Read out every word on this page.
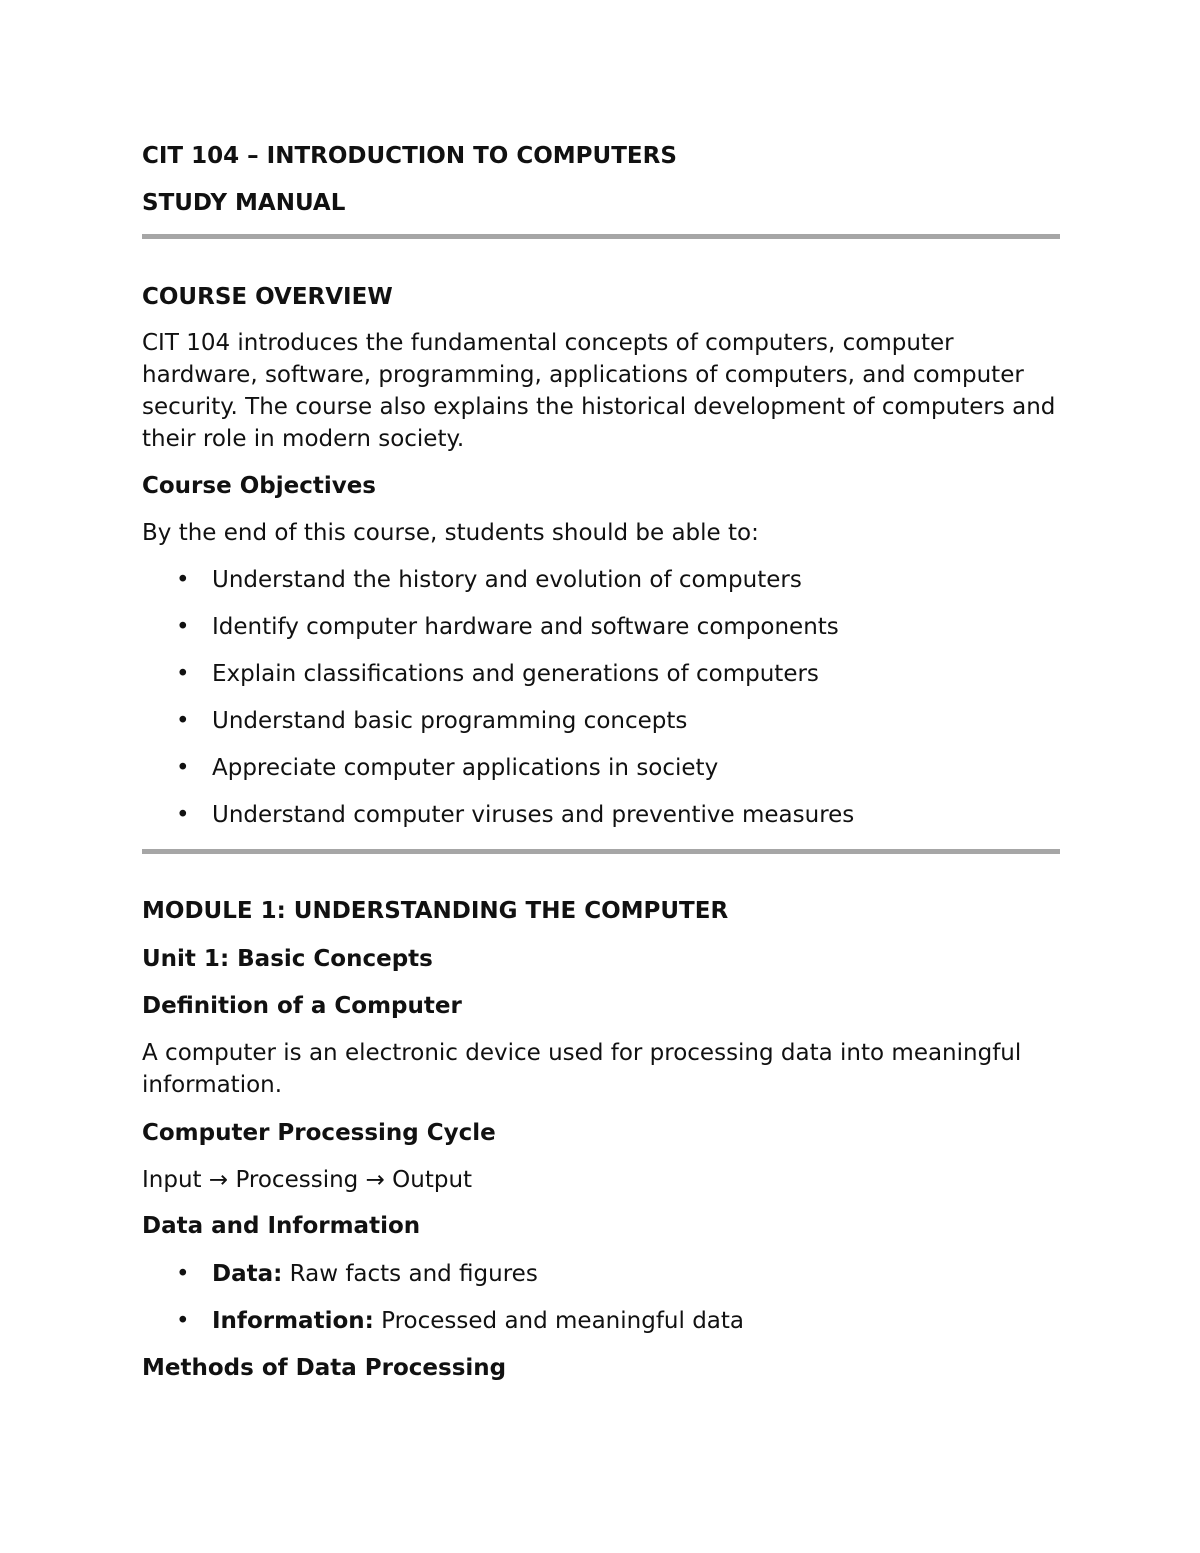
CIT 104 – INTRODUCTION TO COMPUTERS

STUDY MANUAL

COURSE OVERVIEW

CIT 104 introduces the fundamental concepts of computers, computer hardware, software, programming, applications of computers, and computer security. The course also explains the historical development of computers and their role in modern society.

Course Objectives

By the end of this course, students should be able to:

• Understand the history and evolution of computers
• Identify computer hardware and software components
• Explain classifications and generations of computers
• Understand basic programming concepts
• Appreciate computer applications in society
• Understand computer viruses and preventive measures

MODULE 1: UNDERSTANDING THE COMPUTER

Unit 1: Basic Concepts

Definition of a Computer

A computer is an electronic device used for processing data into meaningful information.

Computer Processing Cycle

Input → Processing → Output

Data and Information

• Data: Raw facts and figures
• Information: Processed and meaningful data

Methods of Data Processing
